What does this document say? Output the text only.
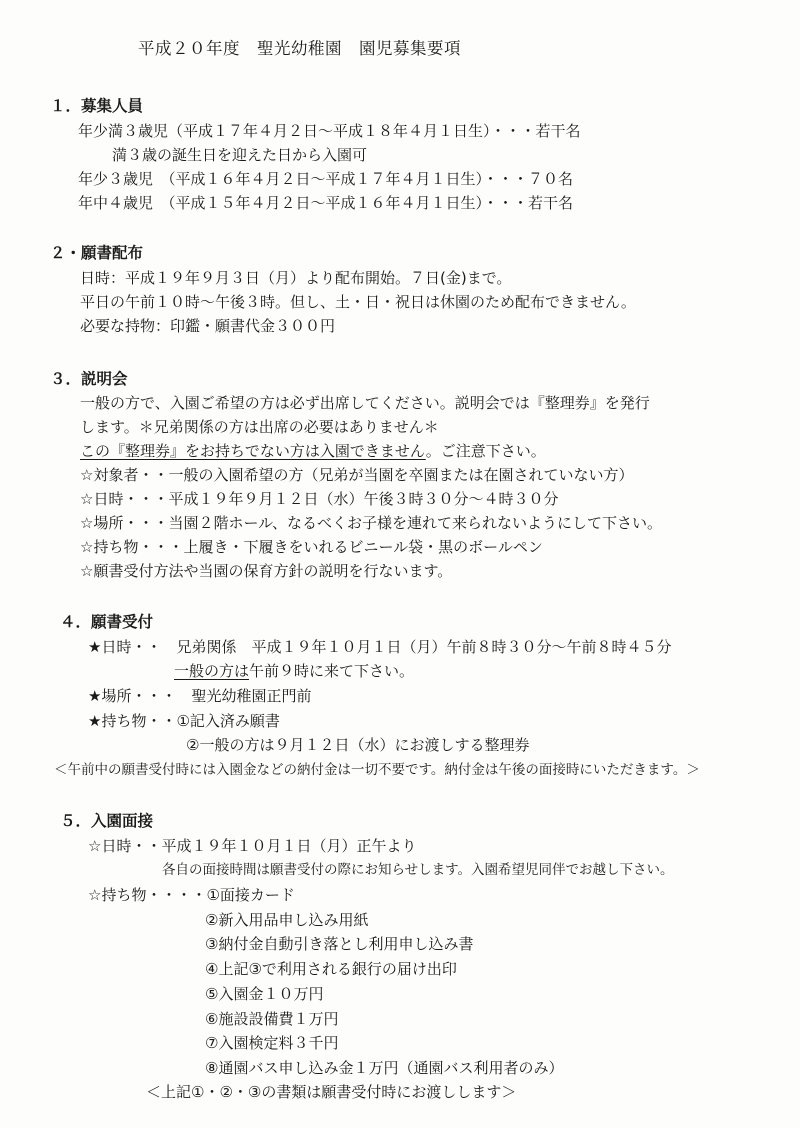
平成２０年度　聖光幼稚園　園児募集要項
１．募集人員
年少満３歳児（平成１７年４月２日～平成１８年４月１日生）・・・若干名
満３歳の誕生日を迎えた日から入園可
年少３歳児　（平成１６年４月２日～平成１７年４月１日生）・・・７０名
年中４歳児　（平成１５年４月２日～平成１６年４月１日生）・・・若干名
２・願書配布
日時：平成１９年９月３日（月）より配布開始。７日(金)まで。
平日の午前１０時～午後３時。但し、土・日・祝日は休園のため配布できません。
必要な持物：印鑑・願書代金３００円
３．説明会
一般の方で、入園ご希望の方は必ず出席してください。説明会では『整理券』を発行
します。＊兄弟関係の方は出席の必要はありません＊
この『整理券』をお持ちでない方は入園できません。ご注意下さい。
☆対象者・・一般の入園希望の方（兄弟が当園を卒園または在園されていない方）
☆日時・・・平成１９年９月１２日（水）午後３時３０分～４時３０分
☆場所・・・当園２階ホール、なるべくお子様を連れて来られないようにして下さい。
☆持ち物・・・上履き・下履きをいれるビニール袋・黒のボールペン
☆願書受付方法や当園の保育方針の説明を行ないます。
４．願書受付
★日時・・　兄弟関係　平成１９年１０月１日（月）午前８時３０分～午前８時４５分
一般の方は午前９時に来て下さい。
★場所・・・　聖光幼稚園正門前
★持ち物・・①記入済み願書
②一般の方は９月１２日（水）にお渡しする整理券
＜午前中の願書受付時には入園金などの納付金は一切不要です。納付金は午後の面接時にいただきます。＞
５．入園面接
☆日時・・平成１９年１０月１日（月）正午より
各自の面接時間は願書受付の際にお知らせします。入園希望児同伴でお越し下さい。
☆持ち物・・・・①面接カード
②新入用品申し込み用紙
③納付金自動引き落とし利用申し込み書
④上記③で利用される銀行の届け出印
⑤入園金１０万円
⑥施設設備費１万円
⑦入園検定料３千円
⑧通園バス申し込み金１万円（通園バス利用者のみ）
＜上記①・②・③の書類は願書受付時にお渡しします＞
